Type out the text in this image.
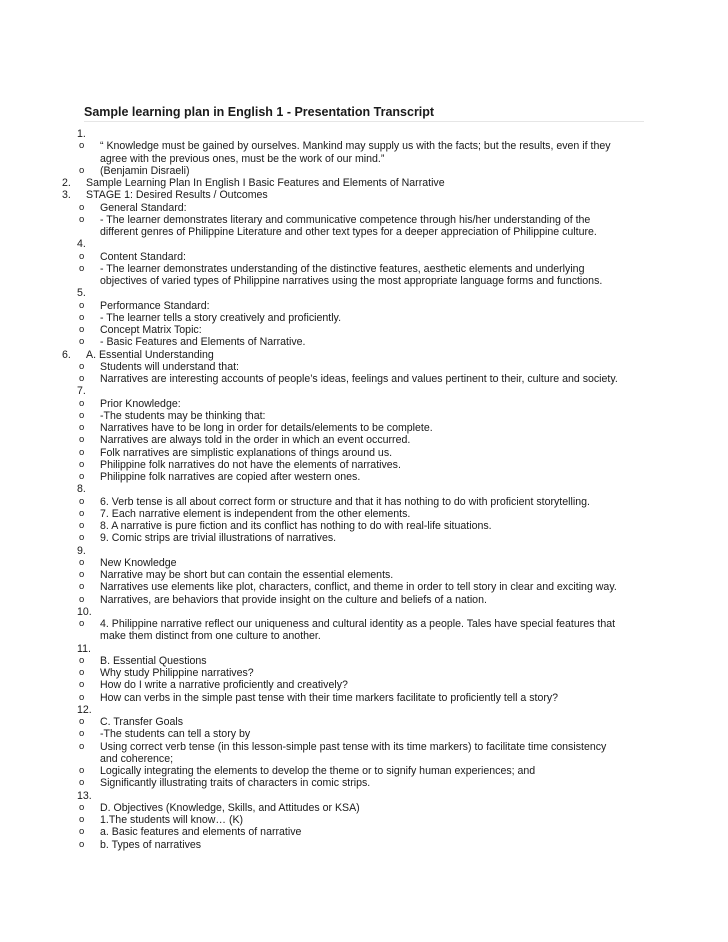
Sample learning plan in English 1 - Presentation Transcript
1.
o “ Knowledge must be gained by ourselves. Mankind may supply us with the facts; but the results, even if they
agree with the previous ones, must be the work of our mind.”
o (Benjamin Disraeli)
2. Sample Learning Plan In English I Basic Features and Elements of Narrative
3. STAGE 1: Desired Results / Outcomes
o General Standard:
o - The learner demonstrates literary and communicative competence through his/her understanding of the
different genres of Philippine Literature and other text types for a deeper appreciation of Philippine culture.
4.
o Content Standard:
o - The learner demonstrates understanding of the distinctive features, aesthetic elements and underlying
objectives of varied types of Philippine narratives using the most appropriate language forms and functions.
5.
o Performance Standard:
o - The learner tells a story creatively and proficiently.
o Concept Matrix Topic:
o - Basic Features and Elements of Narrative.
6. A. Essential Understanding
o Students will understand that:
o Narratives are interesting accounts of people’s ideas, feelings and values pertinent to their, culture and society.
7.
o Prior Knowledge:
o -The students may be thinking that:
o Narratives have to be long in order for details/elements to be complete.
o Narratives are always told in the order in which an event occurred.
o Folk narratives are simplistic explanations of things around us.
o Philippine folk narratives do not have the elements of narratives.
o Philippine folk narratives are copied after western ones.
8.
o 6. Verb tense is all about correct form or structure and that it has nothing to do with proficient storytelling.
o 7. Each narrative element is independent from the other elements.
o 8. A narrative is pure fiction and its conflict has nothing to do with real-life situations.
o 9. Comic strips are trivial illustrations of narratives.
9.
o New Knowledge
o Narrative may be short but can contain the essential elements.
o Narratives use elements like plot, characters, conflict, and theme in order to tell story in clear and exciting way.
o Narratives, are behaviors that provide insight on the culture and beliefs of a nation.
10.
o 4. Philippine narrative reflect our uniqueness and cultural identity as a people. Tales have special features that
make them distinct from one culture to another.
11.
o B. Essential Questions
o Why study Philippine narratives?
o How do I write a narrative proficiently and creatively?
o How can verbs in the simple past tense with their time markers facilitate to proficiently tell a story?
12.
o C. Transfer Goals
o -The students can tell a story by
o Using correct verb tense (in this lesson-simple past tense with its time markers) to facilitate time consistency
and coherence;
o Logically integrating the elements to develop the theme or to signify human experiences; and
o Significantly illustrating traits of characters in comic strips.
13.
o D. Objectives (Knowledge, Skills, and Attitudes or KSA)
o 1.The students will know… (K)
o a. Basic features and elements of narrative
o b. Types of narratives
